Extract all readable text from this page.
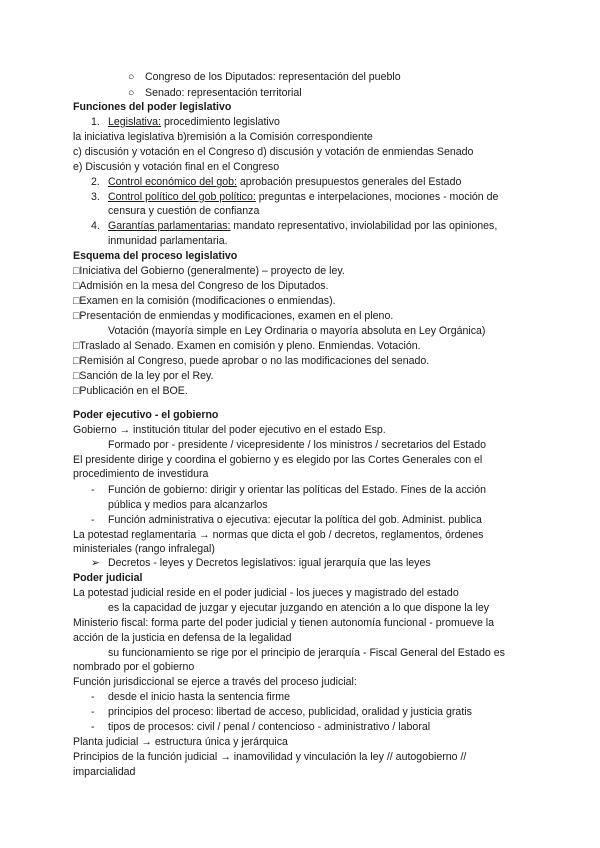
○ Congreso de los Diputados: representación del pueblo
○ Senado: representación territorial
Funciones del poder legislativo
1. Legislativa: procedimiento legislativo
la iniciativa legislativa b)remisión a la Comisión correspondiente
c) discusión y votación en el Congreso d) discusión y votación de enmiendas Senado
e) Discusión y votación final en el Congreso
2. Control económico del gob: aprobación presupuestos generales del Estado
3. Control político del gob político: preguntas e interpelaciones, mociones - moción de
censura y cuestión de confianza
4. Garantías parlamentarias: mandato representativo, inviolabilidad por las opiniones,
inmunidad parlamentaria.
Esquema del proceso legislativo
□Iniciativa del Gobierno (generalmente) – proyecto de ley.
□Admisión en la mesa del Congreso de los Diputados.
□Examen en la comisión (modificaciones o enmiendas).
□Presentación de enmiendas y modificaciones, examen en el pleno.
Votación (mayoría simple en Ley Ordinaria o mayoría absoluta en Ley Orgánica)
□Traslado al Senado. Examen en comisión y pleno. Enmiendas. Votación.
□Remisión al Congreso, puede aprobar o no las modificaciones del senado.
□Sanción de la ley por el Rey.
□Publicación en el BOE.
Poder ejecutivo - el gobierno
Gobierno → institución titular del poder ejecutivo en el estado Esp.
Formado por - presidente / vicepresidente / los ministros / secretarios del Estado
El presidente dirige y coordina el gobierno y es elegido por las Cortes Generales con el
procedimiento de investidura
- Función de gobierno: dirigir y orientar las políticas del Estado. Fines de la acción
pública y medios para alcanzarlos
- Función administrativa o ejecutiva: ejecutar la política del gob. Administ. publica
La potestad reglamentaria → normas que dicta el gob / decretos, reglamentos, órdenes
ministeriales (rango infralegal)
➢ Decretos - leyes y Decretos legislativos: igual jerarquía que las leyes
Poder judicial
La potestad judicial reside en el poder judicial - los jueces y magistrado del estado
es la capacidad de juzgar y ejecutar juzgando en atención a lo que dispone la ley
Ministerio fiscal: forma parte del poder judicial y tienen autonomía funcional - promueve la
acción de la justicia en defensa de la legalidad
su funcionamiento se rige por el principio de jerarquía - Fiscal General del Estado es
nombrado por el gobierno
Función jurisdiccional se ejerce a través del proceso judicial:
- desde el inicio hasta la sentencia firme
- principios del proceso: libertad de acceso, publicidad, oralidad y justicia gratis
- tipos de procesos: civil / penal / contencioso - administrativo / laboral
Planta judicial → estructura única y jerárquica
Principios de la función judicial → inamovilidad y vinculación la ley // autogobierno //
imparcialidad
